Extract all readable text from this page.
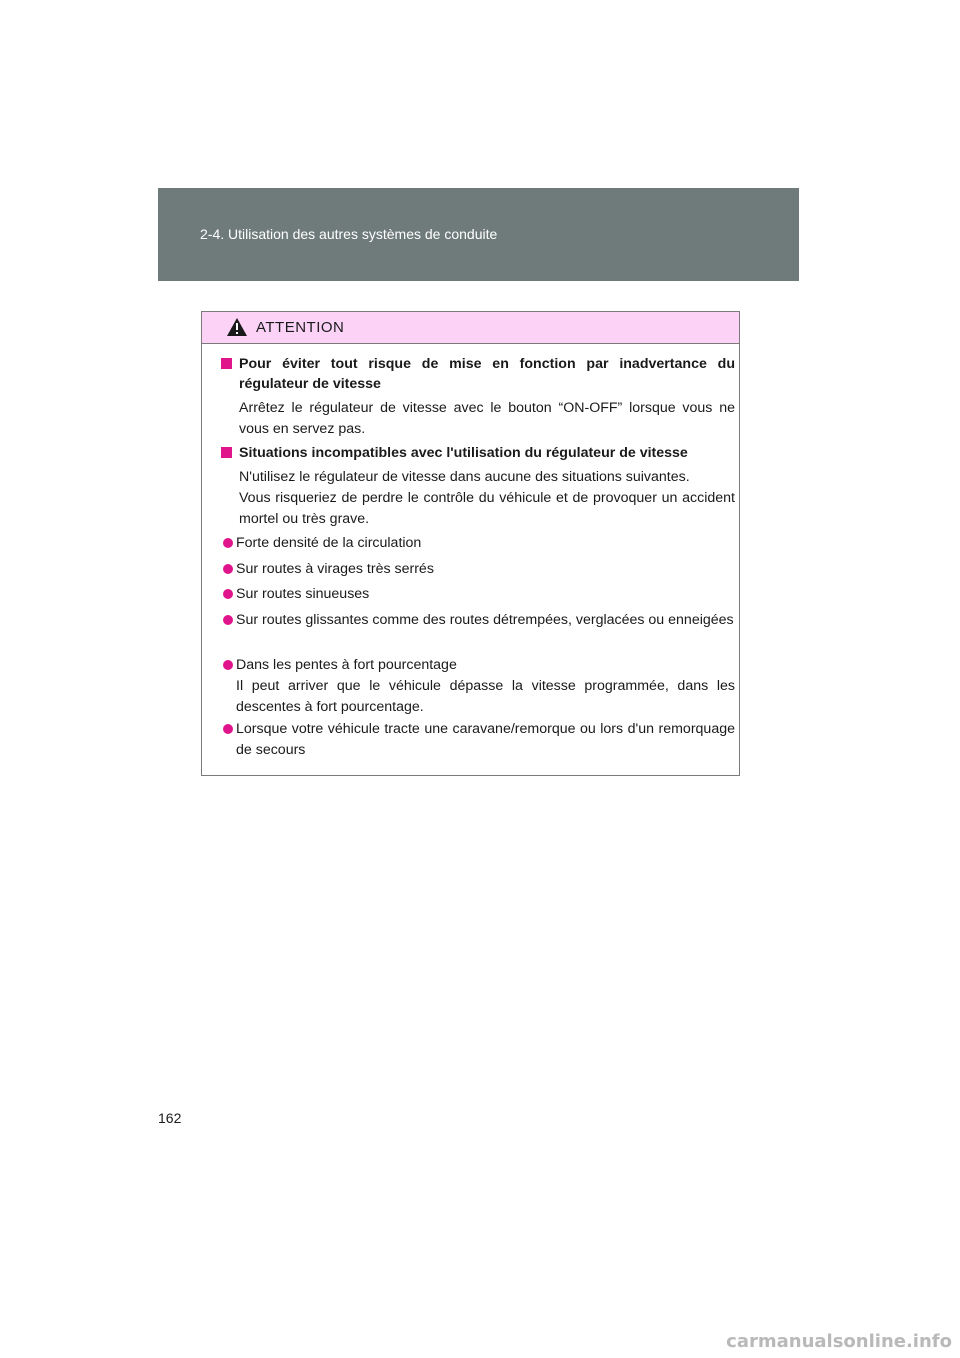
2-4. Utilisation des autres systèmes de conduite
ATTENTION
Pour éviter tout risque de mise en fonction par inadvertance du régulateur de vitesse
Arrêtez le régulateur de vitesse avec le bouton “ON-OFF” lorsque vous ne vous en servez pas.
Situations incompatibles avec l'utilisation du régulateur de vitesse
N'utilisez le régulateur de vitesse dans aucune des situations suivantes.
Vous risqueriez de perdre le contrôle du véhicule et de provoquer un accident mortel ou très grave.
Forte densité de la circulation
Sur routes à virages très serrés
Sur routes sinueuses
Sur routes glissantes comme des routes détrempées, verglacées ou enneigées
Dans les pentes à fort pourcentage
Il peut arriver que le véhicule dépasse la vitesse programmée, dans les descentes à fort pourcentage.
Lorsque votre véhicule tracte une caravane/remorque ou lors d'un remorquage de secours
162
carmanualsonline.info
